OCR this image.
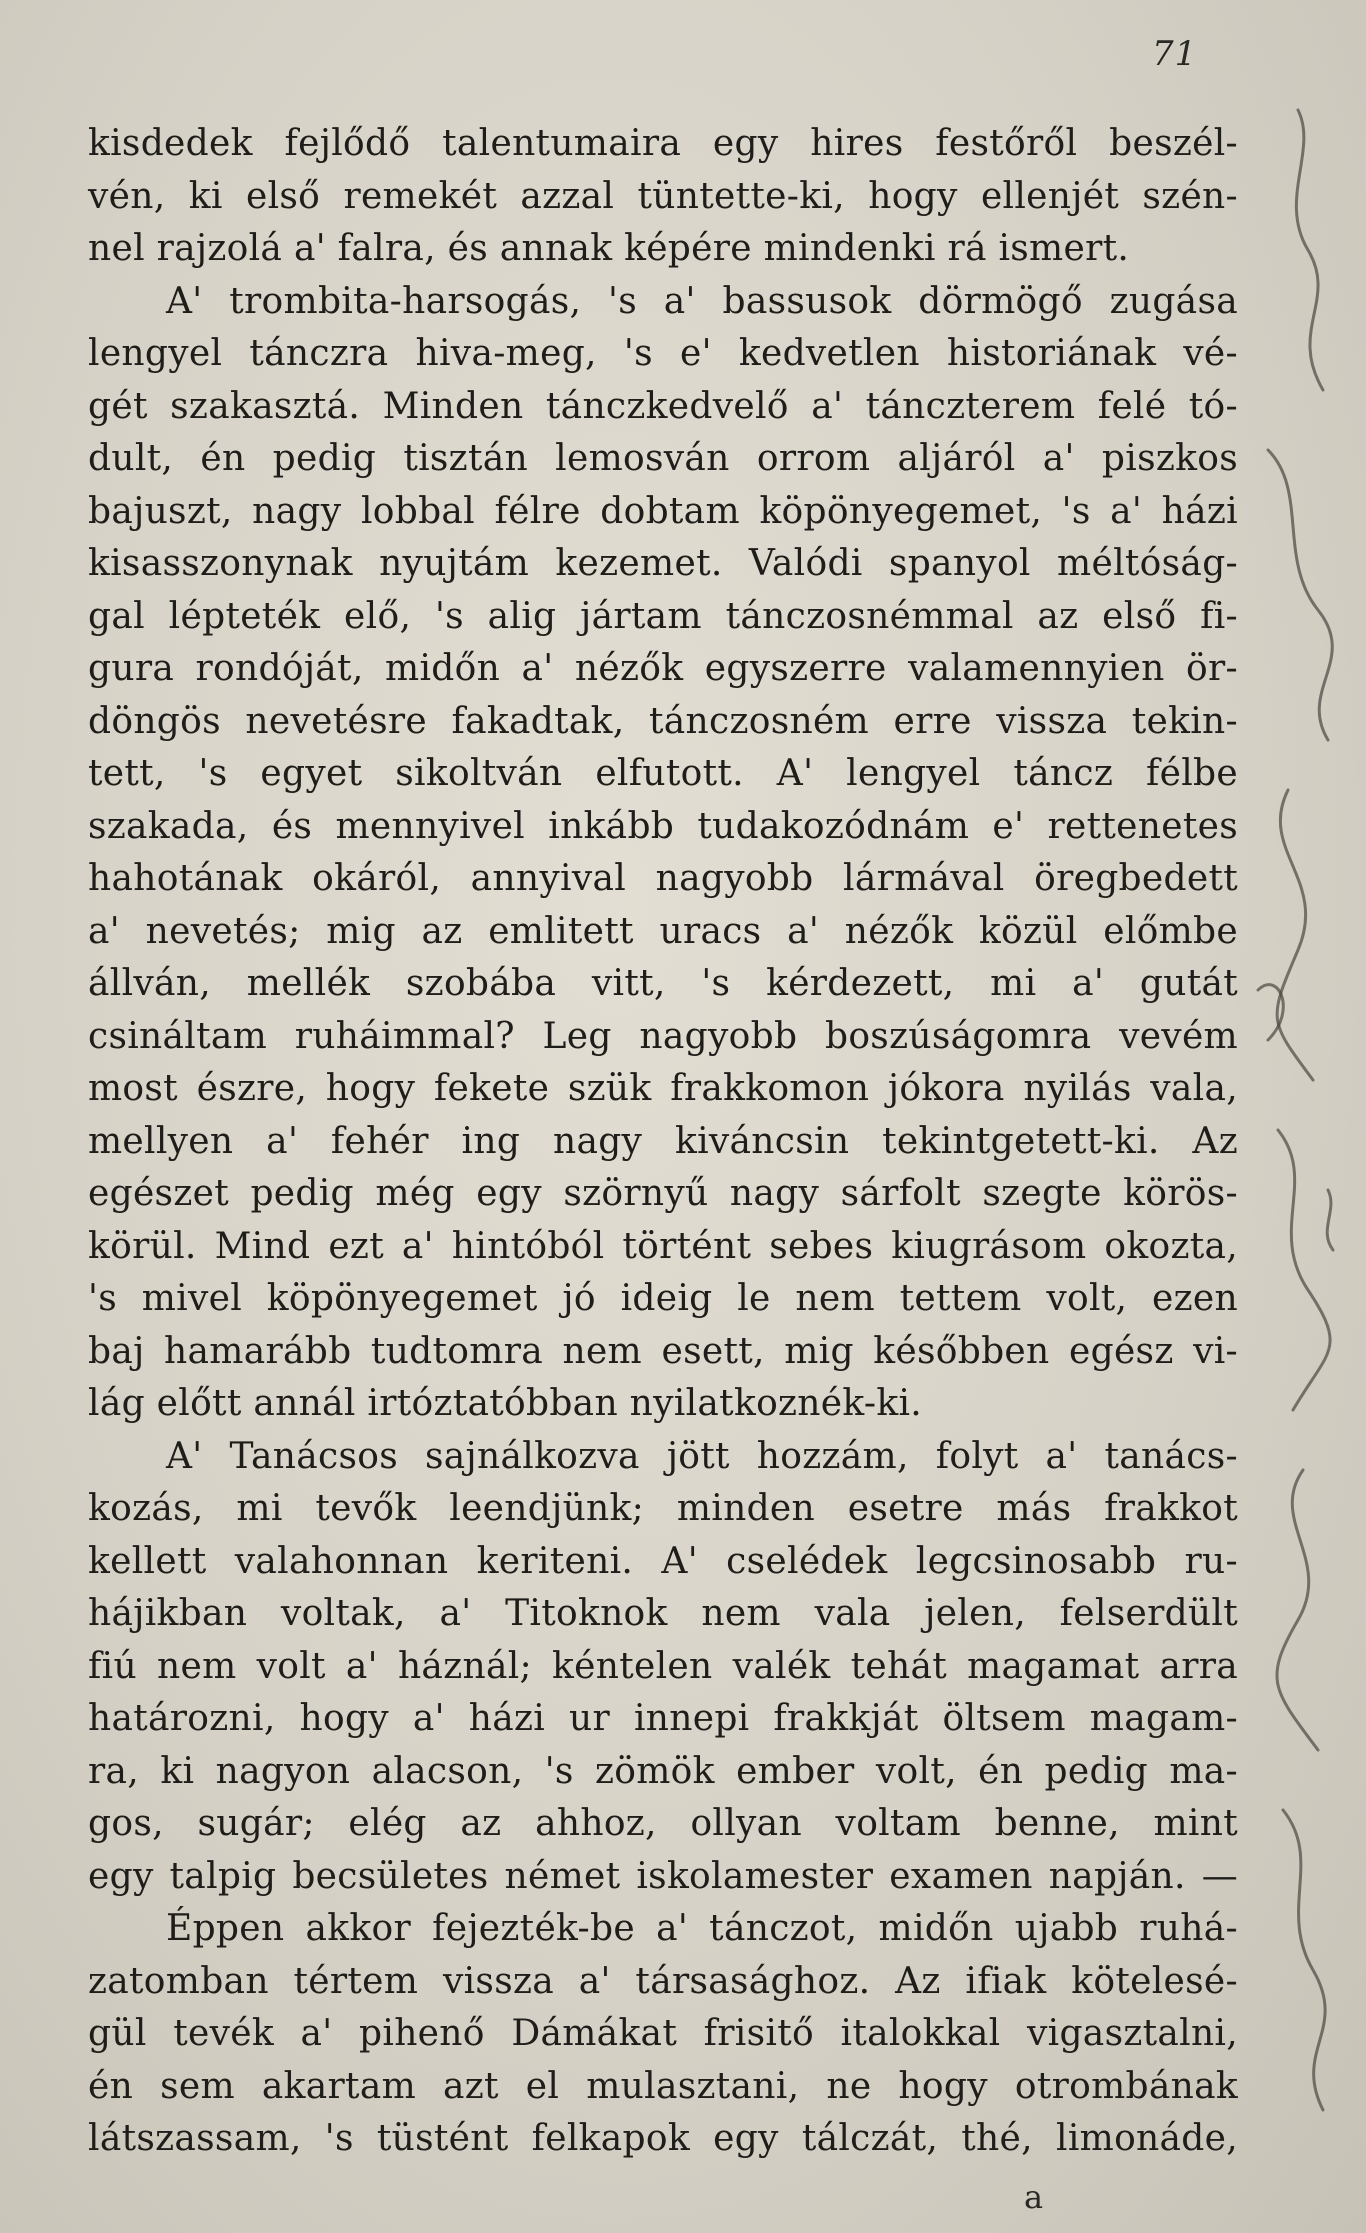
71
kisdedek fejlődő talentumaira egy hires festőről beszél-
vén, ki első remekét azzal tüntette-ki, hogy ellenjét szén-
nel rajzolá a' falra, és annak képére mindenki rá ismert.
A' trombita-harsogás, 's a' bassusok dörmögő zugása
lengyel tánczra hiva-meg, 's e' kedvetlen historiának vé-
gét szakasztá. Minden tánczkedvelő a' tánczterem felé tó-
dult, én pedig tisztán lemosván orrom aljáról a' piszkos
bajuszt, nagy lobbal félre dobtam köpönyegemet, 's a' házi
kisasszonynak nyujtám kezemet. Valódi spanyol méltóság-
gal lépteték elő, 's alig jártam tánczosnémmal az első fi-
gura rondóját, midőn a' nézők egyszerre valamennyien ör-
döngös nevetésre fakadtak, tánczosném erre vissza tekin-
tett, 's egyet sikoltván elfutott. A' lengyel táncz félbe
szakada, és mennyivel inkább tudakozódnám e' rettenetes
hahotának okáról, annyival nagyobb lármával öregbedett
a' nevetés; mig az emlitett uracs a' nézők közül előmbe
állván, mellék szobába vitt, 's kérdezett, mi a' gutát
csináltam ruháimmal? Leg nagyobb boszúságomra vevém
most észre, hogy fekete szük frakkomon jókora nyilás vala,
mellyen a' fehér ing nagy kiváncsin tekintgetett-ki. Az
egészet pedig még egy szörnyű nagy sárfolt szegte körös-
körül. Mind ezt a' hintóból történt sebes kiugrásom okozta,
's mivel köpönyegemet jó ideig le nem tettem volt, ezen
baj hamarább tudtomra nem esett, mig későbben egész vi-
lág előtt annál irtóztatóbban nyilatkoznék-ki.
A' Tanácsos sajnálkozva jött hozzám, folyt a' tanács-
kozás, mi tevők leendjünk; minden esetre más frakkot
kellett valahonnan keriteni. A' cselédek legcsinosabb ru-
hájikban voltak, a' Titoknok nem vala jelen, felserdült
fiú nem volt a' háznál; kéntelen valék tehát magamat arra
határozni, hogy a' házi ur innepi frakkját öltsem magam-
ra, ki nagyon alacson, 's zömök ember volt, én pedig ma-
gos, sugár; elég az ahhoz, ollyan voltam benne, mint
egy talpig becsületes német iskolamester examen napján. —
Éppen akkor fejezték-be a' tánczot, midőn ujabb ruhá-
zatomban tértem vissza a' társasághoz. Az ifiak kötelesé-
gül tevék a' pihenő Dámákat frisitő italokkal vigasztalni,
én sem akartam azt el mulasztani, ne hogy otrombának
látszassam, 's tüstént felkapok egy tálczát, thé, limonáde,
a
